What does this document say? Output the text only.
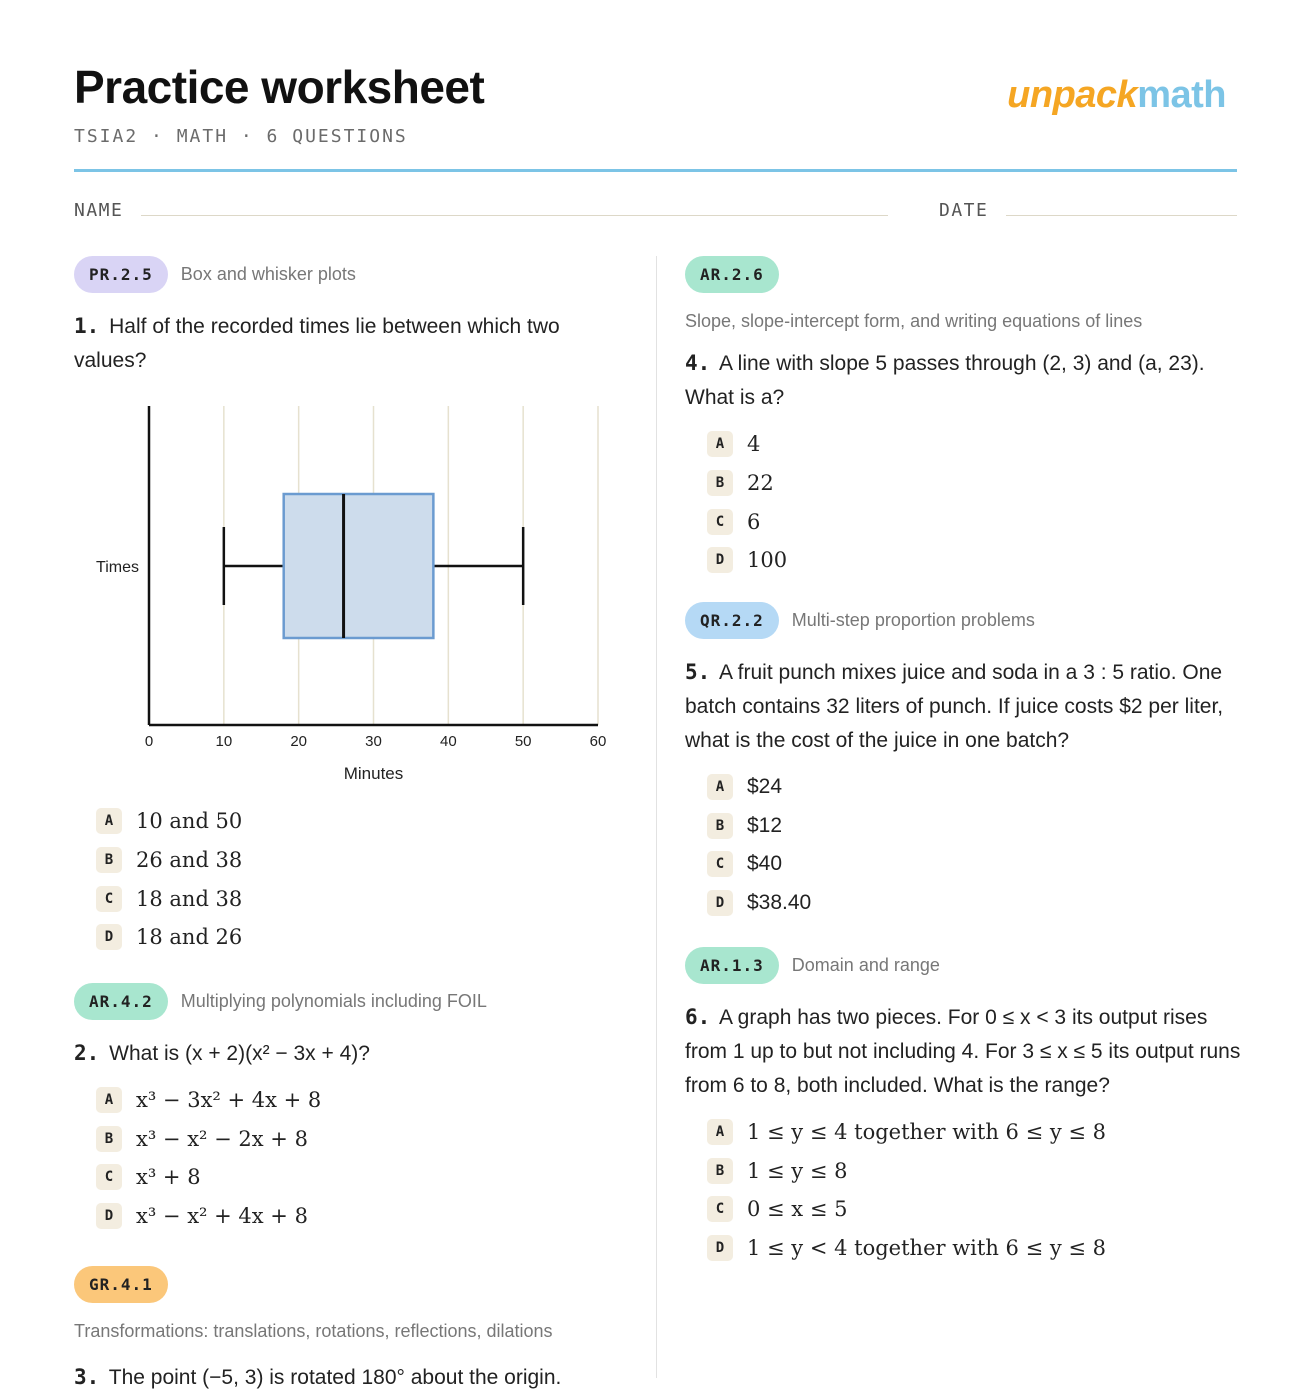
Practice worksheet
TSIA2 · MATH · 6 QUESTIONS
unpackmath
NAME	DATE
PR.2.5	Box and whisker plots

1. Half of the recorded times lie between which two values?

0	10	20	30	40	50	60
Minutes
Times
A	10 and 50
B	26 and 38
C	18 and 38
D	18 and 26
AR.4.2	Multiplying polynomials including FOIL

2. What is (x + 2)(x² − 3x + 4)?

A	x³ − 3x² + 4x + 8
B	x³ − x² − 2x + 8
C	x³ + 8
D	x³ − x² + 4x + 8
GR.4.1
Transformations: translations, rotations, reflections, dilations

3. The point (−5, 3) is rotated 180° about the origin.

AR.2.6
Slope, slope-intercept form, and writing equations of lines

4. A line with slope 5 passes through (2, 3) and (a, 23). What is a?

A	4
B	22
C	6
D	100
QR.2.2	Multi-step proportion problems

5. A fruit punch mixes juice and soda in a 3 : 5 ratio. One batch contains 32 liters of punch. If juice costs $2 per liter, what is the cost of the juice in one batch?

A	$24
B	$12
C	$40
D	$38.40
AR.1.3	Domain and range

6. A graph has two pieces. For 0 ≤ x < 3 its output rises from 1 up to but not including 4. For 3 ≤ x ≤ 5 its output runs from 6 to 8, both included. What is the range?

A	1 ≤ y ≤ 4 together with 6 ≤ y ≤ 8
B	1 ≤ y ≤ 8
C	0 ≤ x ≤ 5
D	1 ≤ y < 4 together with 6 ≤ y ≤ 8
